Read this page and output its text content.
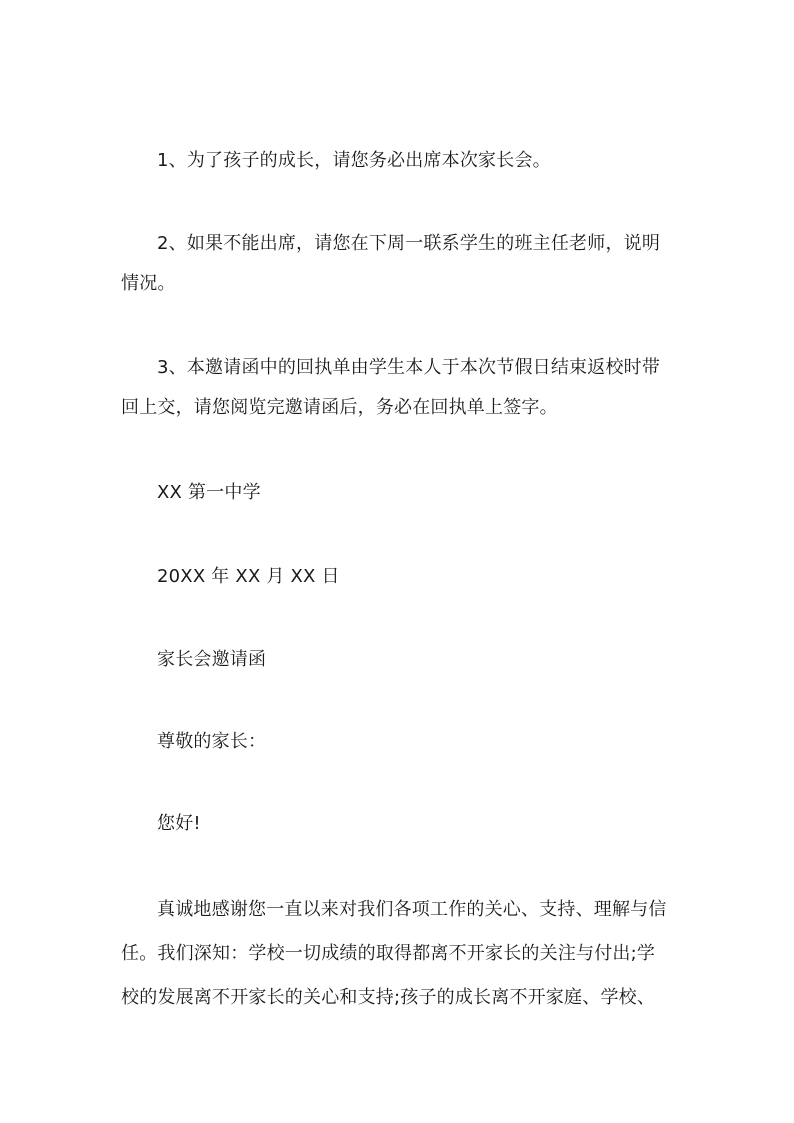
1、为了孩子的成长，请您务必出席本次家长会。

2、如果不能出席，请您在下周一联系学生的班主任老师，说明
情况。

3、本邀请函中的回执单由学生本人于本次节假日结束返校时带
回上交，请您阅览完邀请函后，务必在回执单上签字。

XX 第一中学

20XX 年 XX 月 XX 日

家长会邀请函

尊敬的家长：

您好!

真诚地感谢您一直以来对我们各项工作的关心、支持、理解与信
任。我们深知：学校一切成绩的取得都离不开家长的关注与付出;学
校的发展离不开家长的关心和支持;孩子的成长离不开家庭、学校、
